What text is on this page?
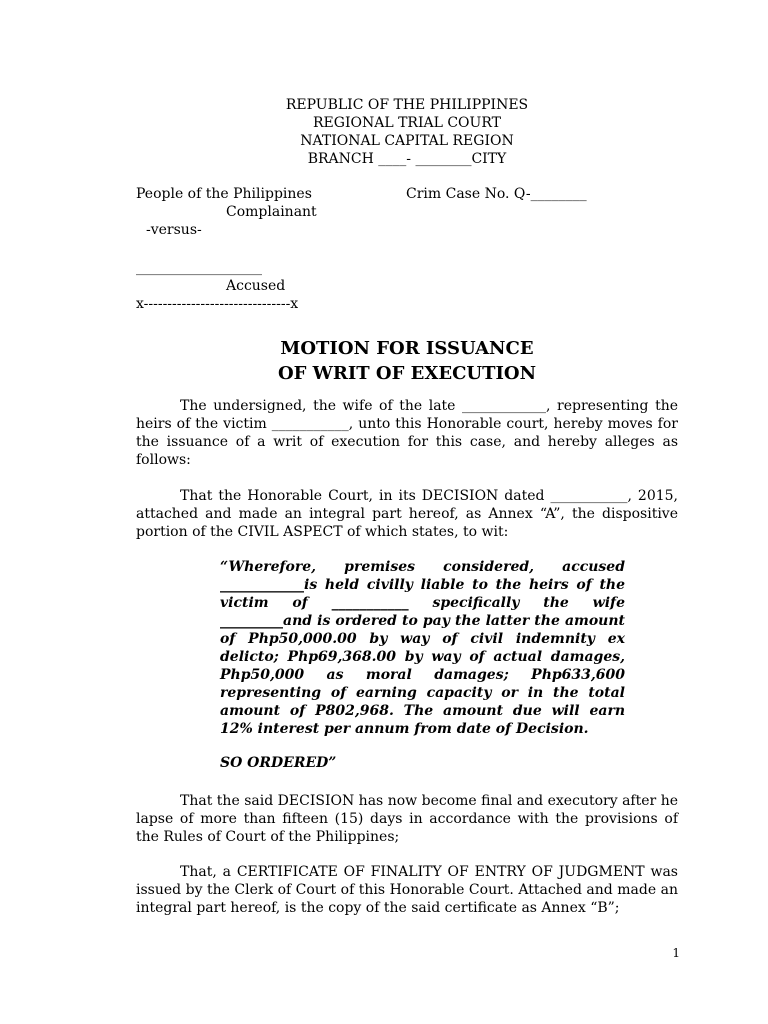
REPUBLIC OF THE PHILIPPINES
REGIONAL TRIAL COURT
NATIONAL CAPITAL REGION
BRANCH ____- ________CITY
People of the Philippines	Crim Case No. Q-________
Complainant
-versus-
__________________
Accused
x-------------------------------x
MOTION FOR ISSUANCE
OF WRIT OF EXECUTION
The undersigned, the wife of the late ____________, representing the heirs of the victim ___________, unto this Honorable court, hereby moves for the issuance of a writ of execution for this case, and hereby alleges as follows:
That the Honorable Court, in its DECISION dated ___________, 2015, attached and made an integral part hereof, as Annex “A”, the dispositive portion of the CIVIL ASPECT of which states, to wit:
“Wherefore, premises considered, accused ____________is held civilly liable to the heirs of the victim of ___________ specifically the wife _________and is ordered to pay the latter the amount of Php50,000.00 by way of civil indemnity ex delicto; Php69,368.00 by way of actual damages, Php50,000 as moral damages; Php633,600 representing of earning capacity or in the total amount of P802,968. The amount due will earn 12% interest per annum from date of Decision.
SO ORDERED”
That the said DECISION has now become final and executory after he lapse of more than fifteen (15) days in accordance with the provisions of the Rules of Court of the Philippines;
That, a CERTIFICATE OF FINALITY OF ENTRY OF JUDGMENT was issued by the Clerk of Court of this Honorable Court. Attached and made an integral part hereof, is the copy of the said certificate as Annex “B”;
1
